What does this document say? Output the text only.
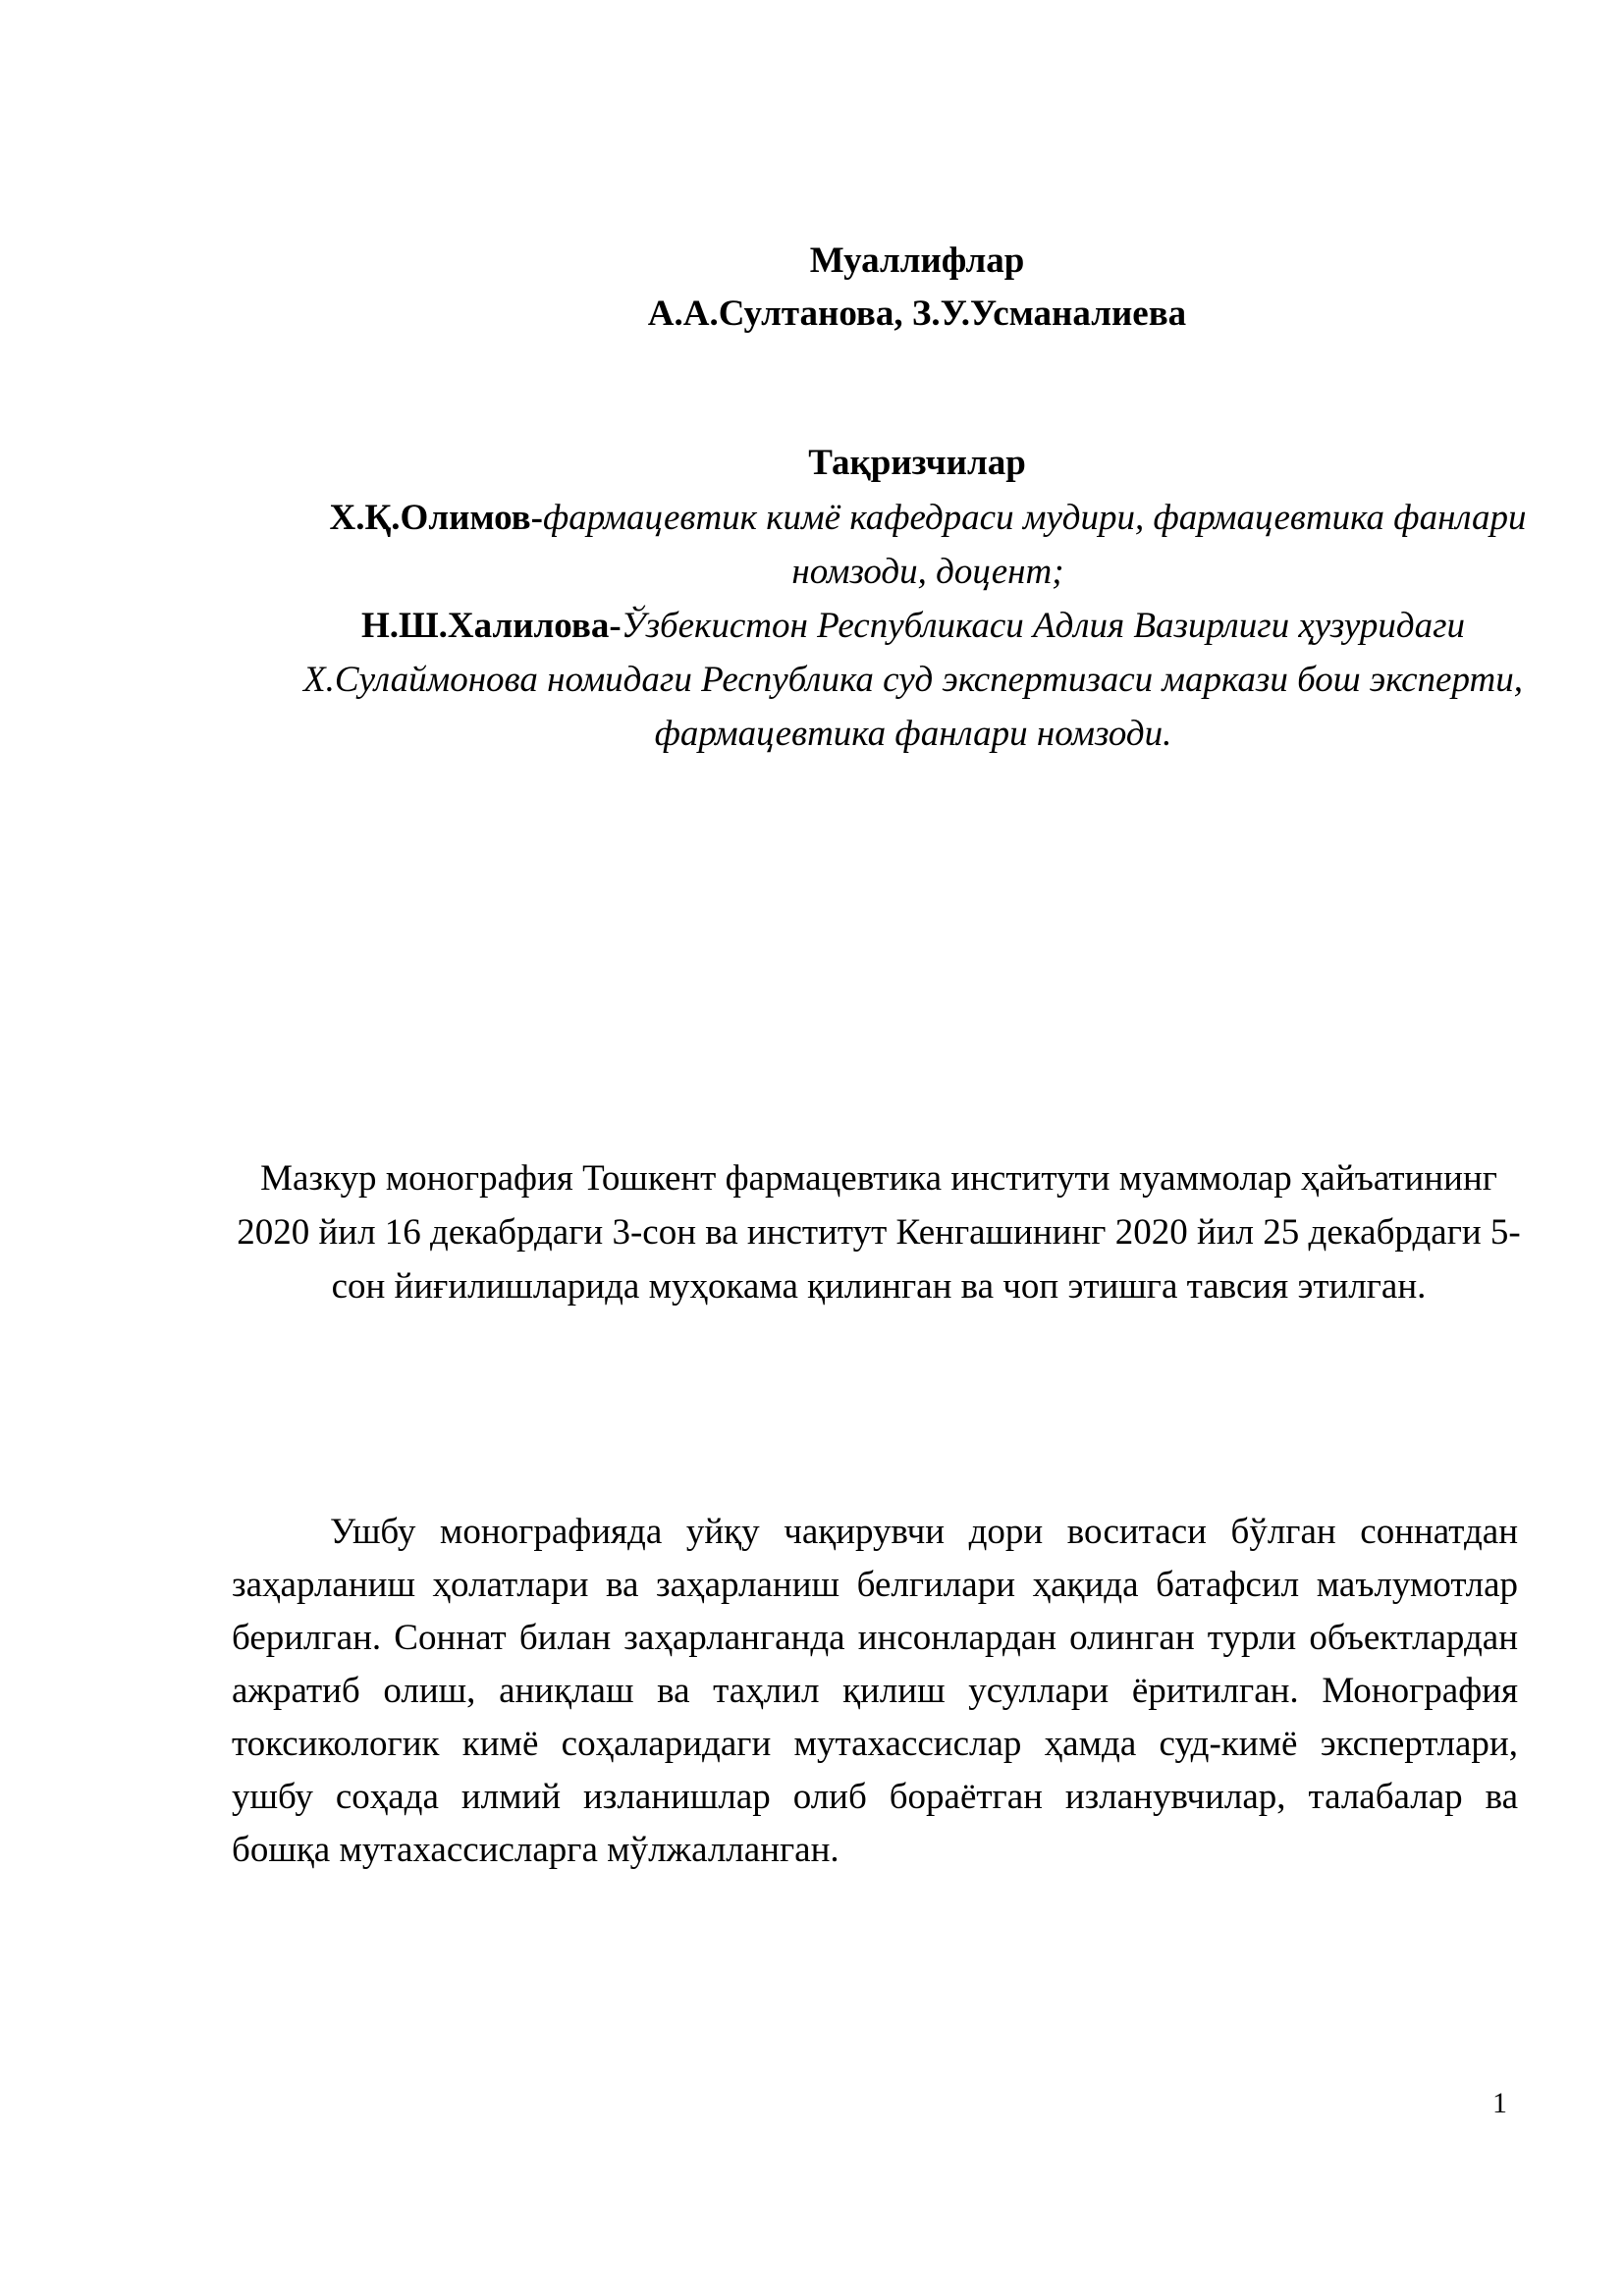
Муаллифлар
А.А.Султанова, З.У.Усманалиева
Тақризчилар

Х.Қ.Олимов-фармацевтик кимё кафедраси мудири, фармацевтика фанлари номзоди, доцент;

Н.Ш.Халилова-Ўзбекистон Республикаси Адлия Вазирлиги ҳузуридаги Х.Сулаймонова номидаги Республика суд экспертизаси маркази бош эксперти, фармацевтика фанлари номзоди.

Мазкур монография Тошкент фармацевтика институти муаммолар ҳайъатининг 2020 йил 16 декабрдаги 3-сон ва институт Кенгашининг 2020 йил 25 декабрдаги 5-сон йиғилишларида муҳокама қилинган ва чоп этишга тавсия этилган.

Ушбу монографияда уйқу чақирувчи дори воситаси бўлган соннатдан заҳарланиш ҳолатлари ва заҳарланиш белгилари ҳақида батафсил маълумотлар берилган. Соннат билан заҳарланганда инсонлардан олинган турли объектлардан ажратиб олиш, аниқлаш ва таҳлил қилиш усуллари ёритилган. Монография токсикологик кимё соҳаларидаги мутахассислар ҳамда суд-кимё экспертлари, ушбу соҳада илмий изланишлар олиб бораётган изланувчилар, талабалар ва бошқа мутахассисларга мўлжалланган.

1
